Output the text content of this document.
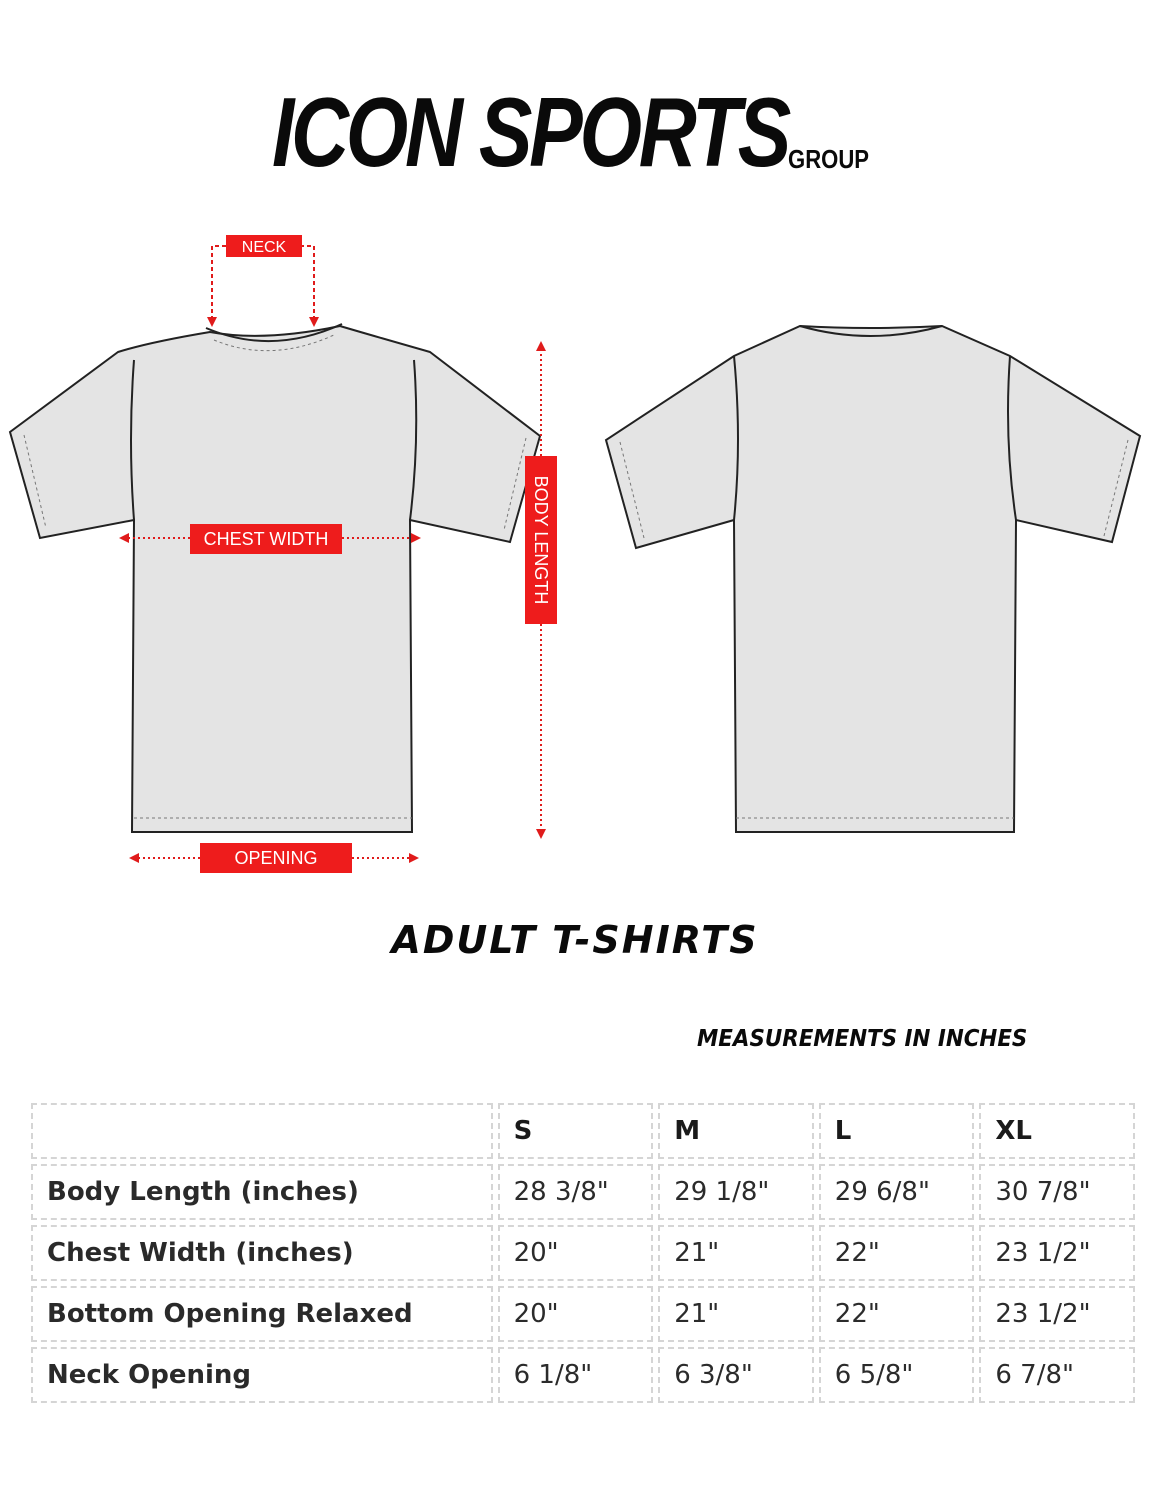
ICON SPORTS GROUP
NECK
CHEST WIDTH	BODY LENGTH
OPENING
ADULT T-SHIRTS
MEASUREMENTS IN INCHES
	S	M	L	XL
Body Length (inches)	28 3/8"	29 1/8"	29 6/8"	30 7/8"
Chest Width (inches)	20"	21"	22"	23 1/2"
Bottom Opening Relaxed	20"	21"	22"	23 1/2"
Neck Opening	6 1/8"	6 3/8"	6 5/8"	6 7/8"
